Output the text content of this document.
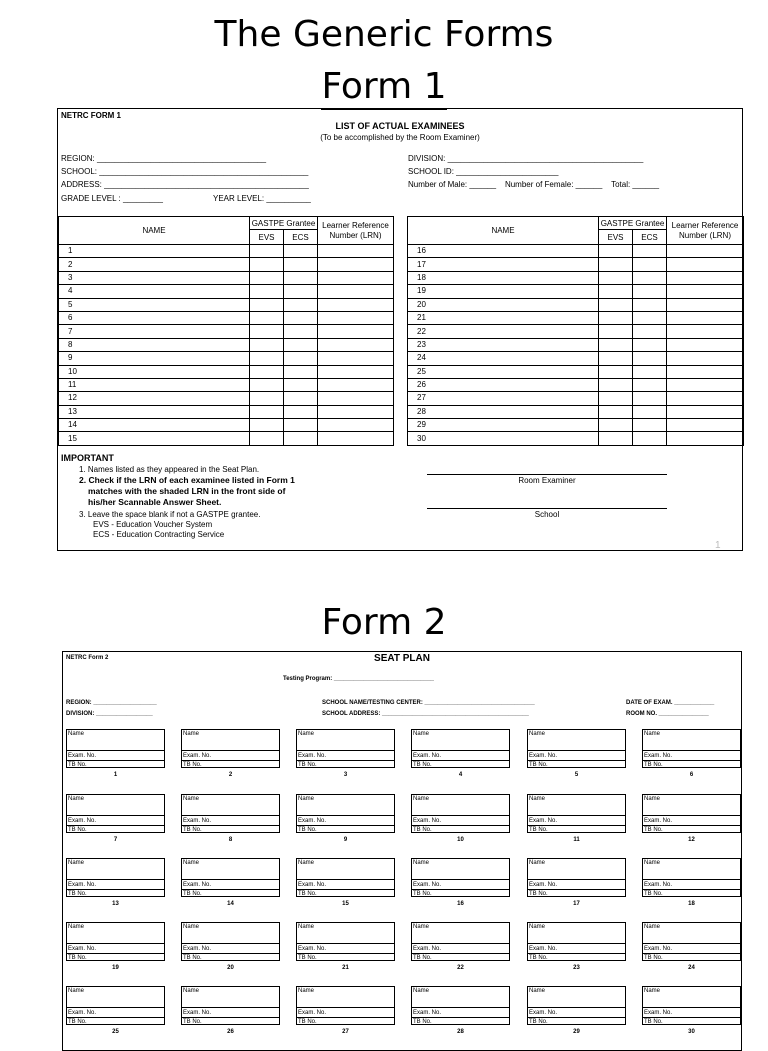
The Generic Forms
Form 1
Form 2
NETRC FORM 1
LIST OF ACTUAL EXAMINEES
(To be accomplished by the Room Examiner)
REGION: ______________________________________
SCHOOL: _______________________________________________
ADDRESS: ______________________________________________
GRADE LEVEL : _________	YEAR LEVEL: __________
DIVISION: ____________________________________________
SCHOOL ID: _______________________
Number of Male: ______    Number of Female: ______    Total: ______
NAME	GASTPE Grantee		Learner Reference Number (LRN)
	EVS	ECS	
1			
2			
3			
4			
5			
6			
7			
8			
9			
10			
11			
12			
13			
14			
15			
NAME	GASTPE Grantee		Learner Reference Number (LRN)
	EVS	ECS	
16			
17			
18			
19			
20			
21			
22			
23			
24			
25			
26			
27			
28			
29			
30			
IMPORTANT
1. Names listed as they appeared in the Seat Plan.
2. Check if the LRN of each examinee listed in Form 1
matches with the shaded LRN in the front side of
his/her Scannable Answer Sheet.
3. Leave the space blank if not a GASTPE grantee.
EVS - Education Voucher System
ECS - Education Contracting Service
Room Examiner
School
1
NETRC Form 2	SEAT PLAN
Testing Program: ______________________________
REGION: ___________________
DIVISION: _________________
SCHOOL NAME/TESTING CENTER: _________________________________
SCHOOL ADDRESS: ____________________________________________
DATE OF EXAM. ____________
ROOM NO. _______________
Name
Exam. No.
TB No.
1
Name
Exam. No.
TB No.
2
Name
Exam. No.
TB No.
3
Name
Exam. No.
TB No.
4
Name
Exam. No.
TB No.
5
Name
Exam. No.
TB No.
6
Name
Exam. No.
TB No.
7
Name
Exam. No.
TB No.
8
Name
Exam. No.
TB No.
9
Name
Exam. No.
TB No.
10
Name
Exam. No.
TB No.
11
Name
Exam. No.
TB No.
12
Name
Exam. No.
TB No.
13
Name
Exam. No.
TB No.
14
Name
Exam. No.
TB No.
15
Name
Exam. No.
TB No.
16
Name
Exam. No.
TB No.
17
Name
Exam. No.
TB No.
18
Name
Exam. No.
TB No.
19
Name
Exam. No.
TB No.
20
Name
Exam. No.
TB No.
21
Name
Exam. No.
TB No.
22
Name
Exam. No.
TB No.
23
Name
Exam. No.
TB No.
24
Name
Exam. No.
TB No.
25
Name
Exam. No.
TB No.
26
Name
Exam. No.
TB No.
27
Name
Exam. No.
TB No.
28
Name
Exam. No.
TB No.
29
Name
Exam. No.
TB No.
30
